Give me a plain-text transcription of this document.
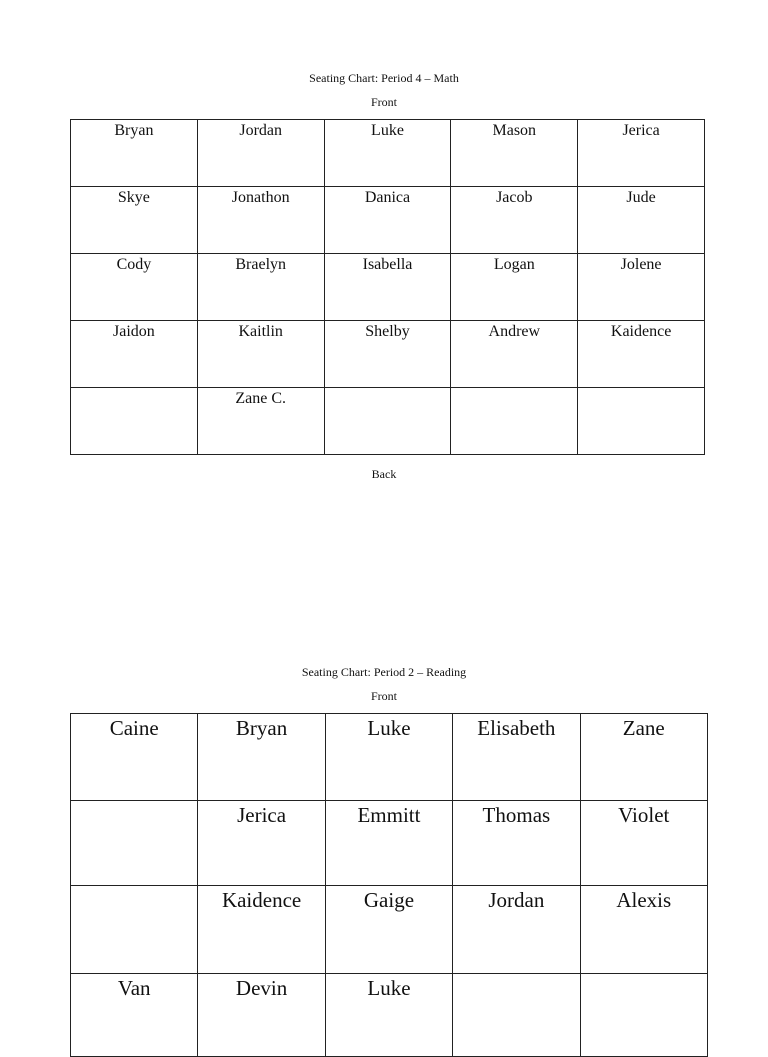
Seating Chart: Period 4 – Math
Front
Bryan	Jordan	Luke	Mason	Jerica
Skye	Jonathon	Danica	Jacob	Jude
Cody	Braelyn	Isabella	Logan	Jolene
Jaidon	Kaitlin	Shelby	Andrew	Kaidence
	Zane C.			
Back
Seating Chart: Period 2 – Reading
Front
Caine	Bryan	Luke	Elisabeth	Zane
	Jerica	Emmitt	Thomas	Violet
	Kaidence	Gaige	Jordan	Alexis
Van	Devin	Luke		
